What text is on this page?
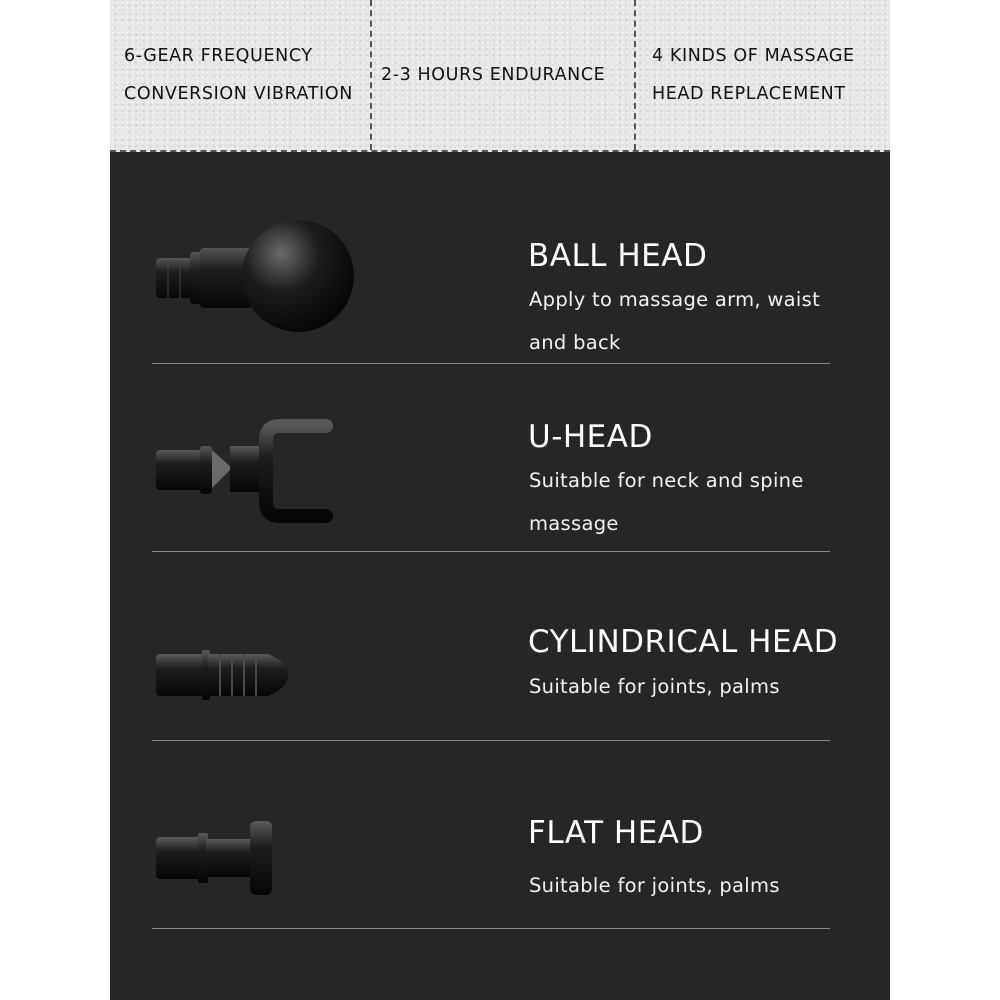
6-GEAR FREQUENCY
CONVERSION VIBRATION
2-3 HOURS ENDURANCE
4 KINDS OF MASSAGE
HEAD REPLACEMENT
BALL HEAD
Apply to massage arm, waist and back
U-HEAD
Suitable for neck and spine massage
CYLINDRICAL HEAD
Suitable for joints, palms
FLAT HEAD
Suitable for joints, palms
